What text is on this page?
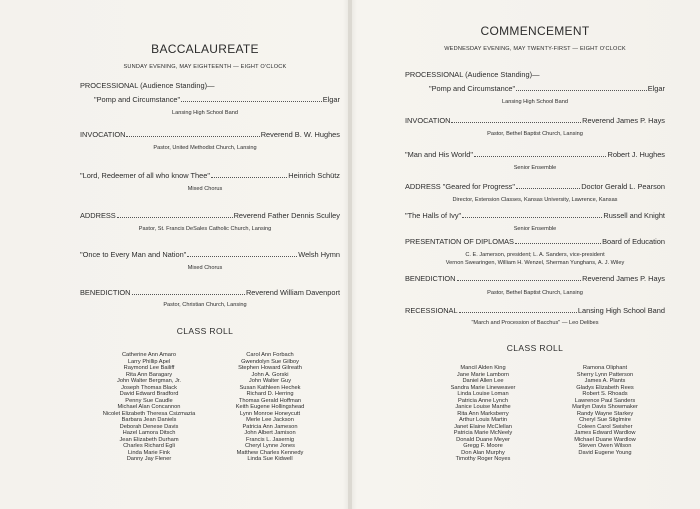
BACCALAUREATE
SUNDAY EVENING, MAY EIGHTEENTH — EIGHT O'CLOCK
PROCESSIONAL (Audience Standing)—
"Pomp and Circumstance"	Elgar
Lansing High School Band
INVOCATION	Reverend B. W. Hughes
Pastor, United Methodist Church, Lansing
"Lord, Redeemer of all who know Thee"	Heinrich Schütz
Mixed Chorus
ADDRESS	Reverend Father Dennis Sculley
Pastor, St. Francis DeSales Catholic Church, Lansing
"Once to Every Man and Nation"	Welsh Hymn
Mixed Chorus
BENEDICTION	Reverend William Davenport
Pastor, Christian Church, Lansing
CLASS ROLL
Catherine Ann Amaro
Larry Phillip Apel
Raymond Lee Bailiff
Rita Ann Baragary
John Walter Bergman, Jr.
Joseph Thomas Black
David Edward Bradford
Penny Sue Caudle
Michael Alan Concannon
Nicolet Elizabeth Theresa Csizmazia
Barbara Jean Daniels
Deborah Denese Davis
Hazel Lamora Ditsch
Jean Elizabeth Durham
Charles Richard Egli
Linda Marie Fink
Danny Jay Flener
Carol Ann Forbach
Gwendolyn Sue Gilboy
Stephen Howard Gilreath
John A. Gorski
John Walter Guy
Susan Kathleen Hechek
Richard D. Herring
Thomas Gerald Hoffman
Keith Eugene Hollingshead
Lynn Monroe Honeycutt
Merle Lee Jackson
Patricia Ann Jameson
John Albert Jamison
Francis L. Jasernig
Cheryl Lynne Jones
Matthew Charles Kennedy
Linda Sue Kidwell
COMMENCEMENT
WEDNESDAY EVENING, MAY TWENTY-FIRST — EIGHT O'CLOCK
PROCESSIONAL (Audience Standing)—
"Pomp and Circumstance"	Elgar
Lansing High School Band
INVOCATION	Reverend James P. Hays
Pastor, Bethel Baptist Church, Lansing
"Man and His World"	Robert J. Hughes
Senior Ensemble
ADDRESS "Geared for Progress"	Doctor Gerald L. Pearson
Director, Extension Classes, Kansas University, Lawrence, Kansas
"The Halls of Ivy"	Russell and Knight
Senior Ensemble
PRESENTATION OF DIPLOMAS	Board of Education
C. E. Jamerson, president; L. A. Sanders, vice-president
Vernon Swearingen, William H. Wenzel, Sherman Yunghans, A. J. Wiley
BENEDICTION	Reverend James P. Hays
Pastor, Bethel Baptist Church, Lansing
RECESSIONAL	Lansing High School Band
"March and Procession of Bacchus" — Leo Delibes
CLASS ROLL
Mancil Alden King
Jane Marie Lamborn
Daniel Allen Lee
Sandra Marie Lineweaver
Linda Louise Loman
Patricia Anne Lynch
Janice Louise Manthe
Rita Ann Marksberry
Arthur Louis Martin
Janet Elaine McClellan
Patricia Marie McNeely
Donald Duane Meyer
Gregg F. Moore
Don Alan Murphy
Timothy Roger Noyes
Ramona Oliphant
Sherry Lynn Patterson
James A. Plants
Gladys Elizabeth Rees
Robert S. Rhoads
Lawrence Paul Sanders
Marilyn Davis Showmaker
Randy Wayne Starkey
Cheryl Sue Stiglmire
Coleen Carol Swisher
James Edward Wardlow
Michael Duane Wardlow
Steven Owen Wilson
David Eugene Young
